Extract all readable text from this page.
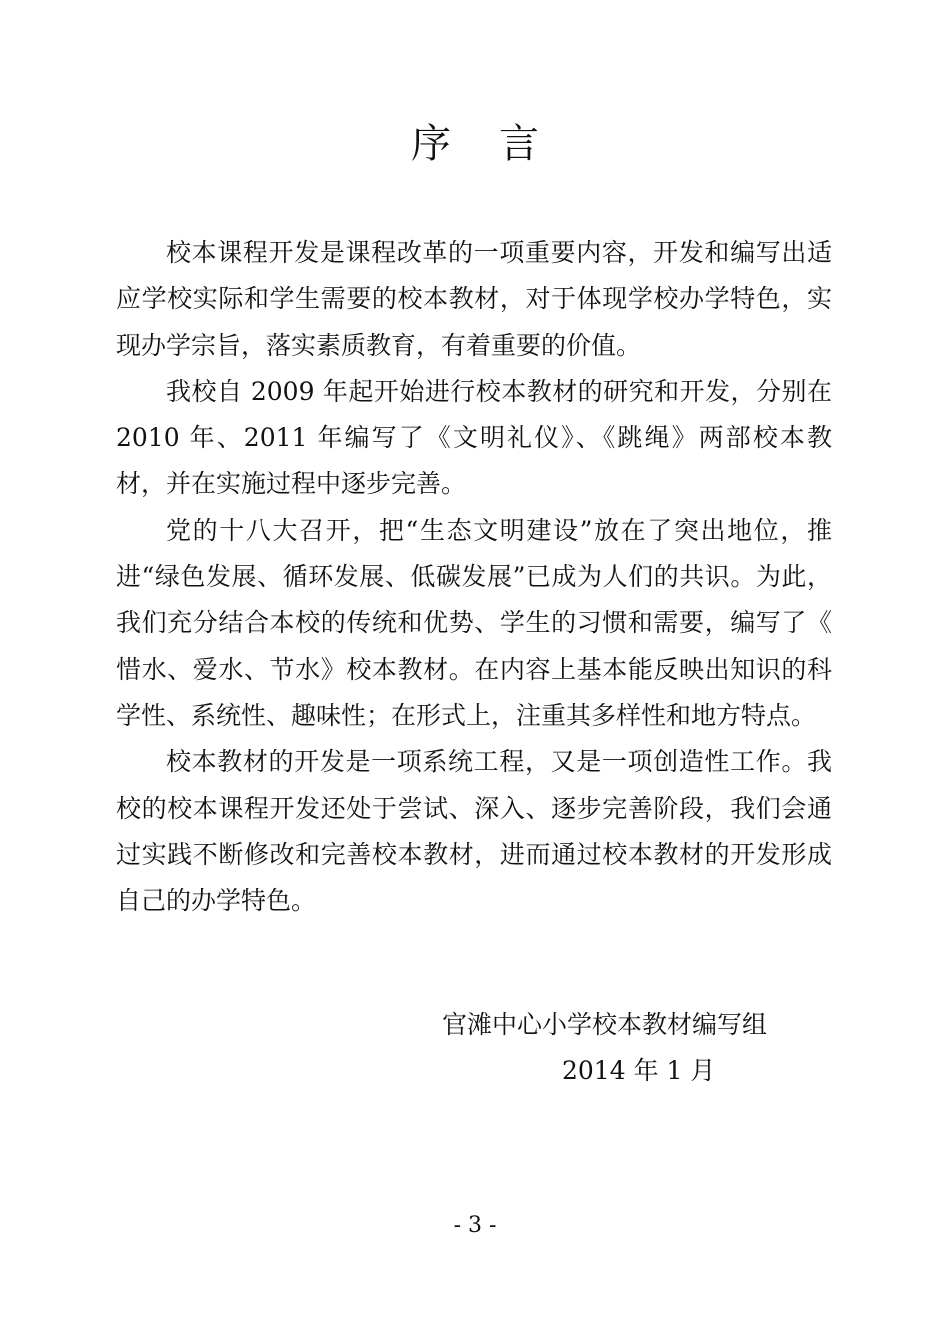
序言

校本课程开发是课程改革的一项重要内容，开发和编写出适应学校实际和学生需要的校本教材，对于体现学校办学特色，实现办学宗旨，落实素质教育，有着重要的价值。

我校自 2009 年起开始进行校本教材的研究和开发，分别在 2010 年、2011 年编写了《文明礼仪》、《跳绳》两部校本教材，并在实施过程中逐步完善。

党的十八大召开，把“生态文明建设”放在了突出地位，推进“绿色发展、循环发展、低碳发展”已成为人们的共识。为此，我们充分结合本校的传统和优势、学生的习惯和需要，编写了《 惜水、爱水、节水》校本教材。在内容上基本能反映出知识的科学性、系统性、趣味性；在形式上，注重其多样性和地方特点。

校本教材的开发是一项系统工程，又是一项创造性工作。我校的校本课程开发还处于尝试、深入、逐步完善阶段，我们会通过实践不断修改和完善校本教材，进而通过校本教材的开发形成自己的办学特色。

官滩中心小学校本教材编写组
2014 年 1 月
- 3 -
